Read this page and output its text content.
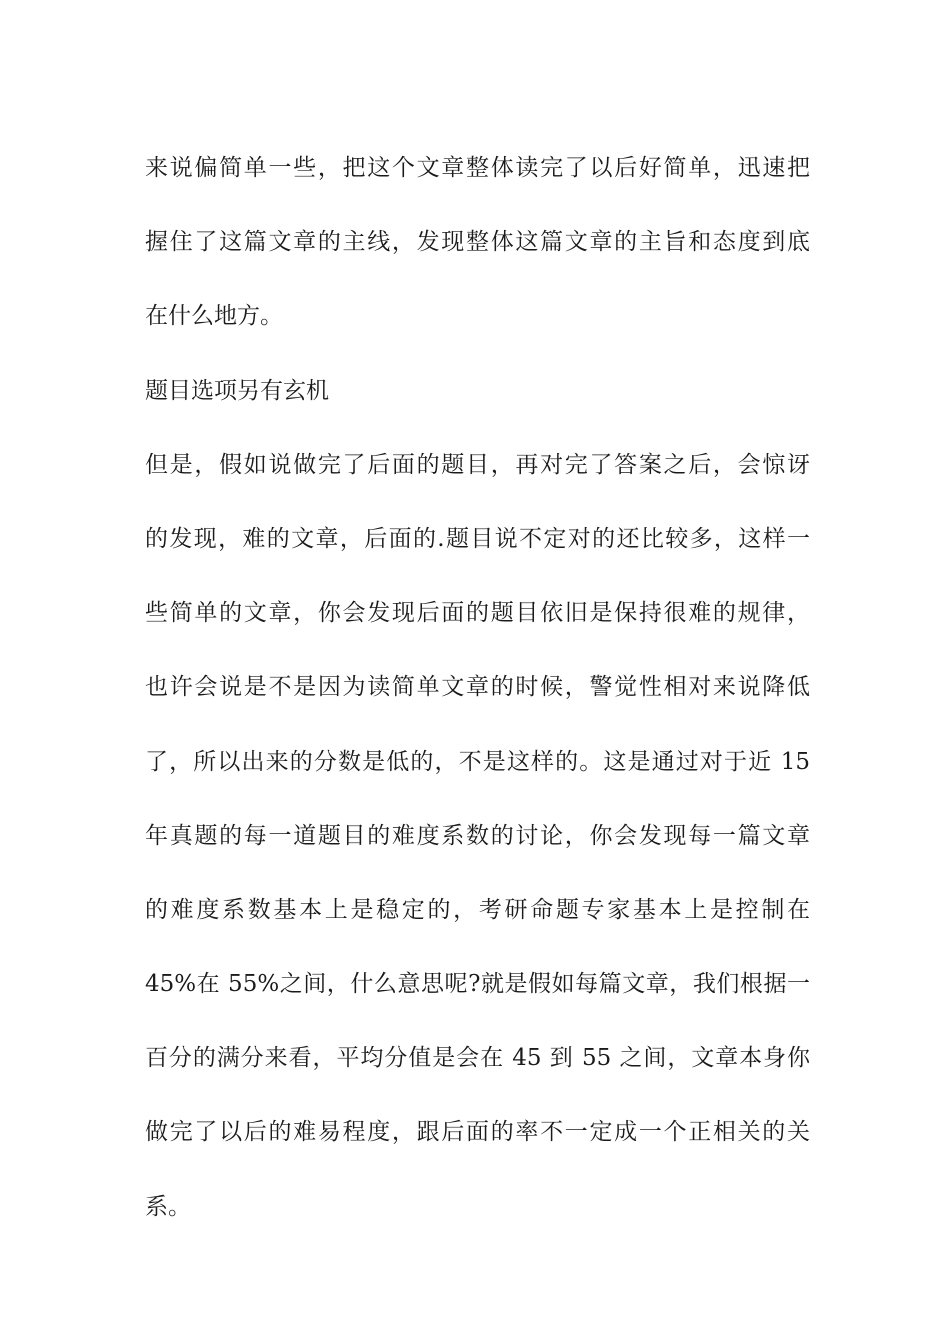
来说偏简单一些，把这个文章整体读完了以后好简单，迅速把
握住了这篇文章的主线，发现整体这篇文章的主旨和态度到底
在什么地方。
题目选项另有玄机
但是，假如说做完了后面的题目，再对完了答案之后，会惊讶
的发现，难的文章，后面的.题目说不定对的还比较多，这样一
些简单的文章，你会发现后面的题目依旧是保持很难的规律，
也许会说是不是因为读简单文章的时候，警觉性相对来说降低
了，所以出来的分数是低的，不是这样的。这是通过对于近 15
年真题的每一道题目的难度系数的讨论，你会发现每一篇文章
的难度系数基本上是稳定的，考研命题专家基本上是控制在
45%在 55%之间，什么意思呢?就是假如每篇文章，我们根据一
百分的满分来看，平均分值是会在 45 到 55 之间，文章本身你
做完了以后的难易程度，跟后面的率不一定成一个正相关的关
系。
